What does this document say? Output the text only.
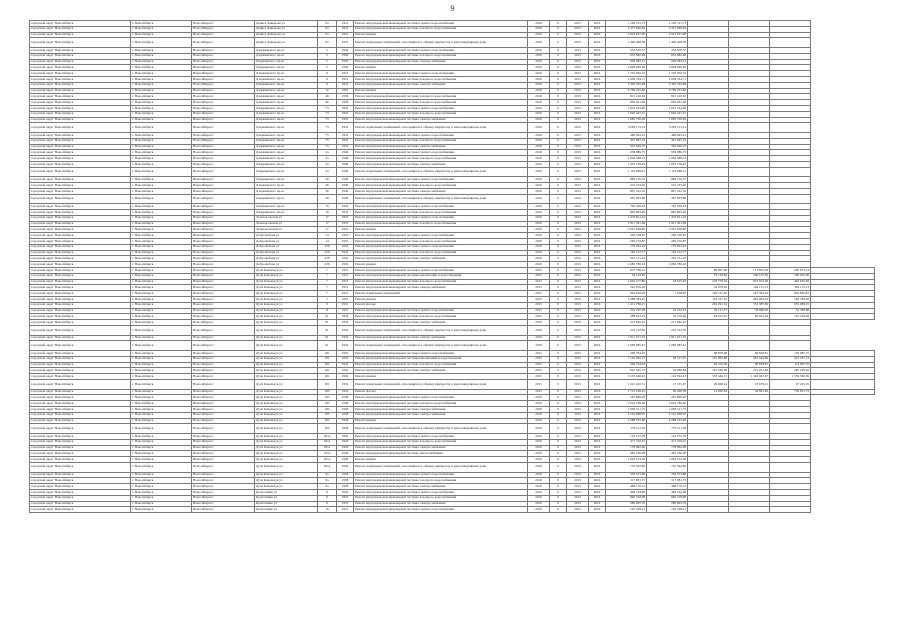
9
городской округ Новосибирск	г. Новосибирск	Новосибирск г	Дениса Давыдова ул	6а	1951	Ремонт внутридомовой инженерной системы горячего водоснабжения	2016	0	2015	2016	1 100 741,73	1 100 741,73				
городской округ Новосибирск	г. Новосибирск	Новосибирск г	Дениса Давыдова ул	6а	1951	Ремонт внутридомовой инженерной системы холодного водоснабжения	2016	0	2015	2016	2 477 669,62	2 477 669,62				
городской округ Новосибирск	г. Новосибирск	Новосибирск г	Дениса Давыдова ул	6а	1951	Ремонт крыши	2016	0	2015	2016	2 643 957,90	2 643 957,90				
городской округ Новосибирск	г. Новосибирск	Новосибирск г	Дениса Давыдова ул	6а	1951	Ремонт подвальных помещений, относящихся к общему имуществу в многоквартирном доме	2016	0	2015	2016	1 496 408,38	1 496 408,38				
городской округ Новосибирск	г. Новосибирск	Новосибирск г	Дзержинского пр-кт	5	1950	Ремонт внутридомовой инженерной системы горячего водоснабжения	2016	0	2015	2016	352 670,57	352 670,57				
городской округ Новосибирск	г. Новосибирск	Новосибирск г	Дзержинского пр-кт	5	1950	Ремонт внутридомовой инженерной системы холодного водоснабжения	2016	0	2015	2016	652 682,69	652 682,69				
городской округ Новосибирск	г. Новосибирск	Новосибирск г	Дзержинского пр-кт	5	1950	Ремонт внутридомовой инженерной системы электроснабжения	2016	0	2015	2016	909 483,13	909 483,13				
городской округ Новосибирск	г. Новосибирск	Новосибирск г	Дзержинского пр-кт	5	1950	Ремонт крыши	2016	0	2015	2016	2 828 999,29	2 828 999,29				
городской округ Новосибирск	г. Новосибирск	Новосибирск г	Дзержинского пр-кт	9	1951	Ремонт внутридомовой инженерной системы горячего водоснабжения	2016	0	2015	2016	1 705 950,52	1 705 950,52				
городской округ Новосибирск	г. Новосибирск	Новосибирск г	Дзержинского пр-кт	9	1951	Ремонт внутридомовой инженерной системы холодного водоснабжения	2016	0	2015	2016	2 958 764,71	2 958 764,71				
городской округ Новосибирск	г. Новосибирск	Новосибирск г	Дзержинского пр-кт	9	1951	Ремонт внутридомовой инженерной системы электроснабжения	2016	0	2015	2016	2 365 335,48	2 365 335,48				
городской округ Новосибирск	г. Новосибирск	Новосибирск г	Дзержинского пр-кт	12	1961	Ремонт крыши	2016	0	2015	2016	4 769 225,82	4 769 225,82				
городской округ Новосибирск	г. Новосибирск	Новосибирск г	Дзержинского пр-кт	46	1956	Ремонт внутридомовой инженерной системы холодного водоснабжения	2016	0	2015	2016	815 416,62	815 416,62				
городской округ Новосибирск	г. Новосибирск	Новосибирск г	Дзержинского пр-кт	46	1956	Ремонт внутридомовой инженерной системы холодного водоснабжения	2016	0	2015	2016	859 041,09	859 041,09				
городской округ Новосибирск	г. Новосибирск	Новосибирск г	Дзержинского пр-кт	73	1952	Ремонт внутридомовой инженерной системы горячего водоснабжения	2016	0	2015	2016	1 652 224,90	1 652 224,90				
городской округ Новосибирск	г. Новосибирск	Новосибирск г	Дзержинского пр-кт	73	1952	Ремонт внутридомовой инженерной системы холодного водоснабжения	2016	0	2015	2016	1 620 447,41	1 620 447,41				
городской округ Новосибирск	г. Новосибирск	Новосибирск г	Дзержинского пр-кт	73	1952	Ремонт внутридомовой инженерной системы электроснабжения	2016	0	2015	2016	1 082 700,49	1 082 700,49				
городской округ Новосибирск	г. Новосибирск	Новосибирск г	Дзержинского пр-кт	73	1952	Ремонт подвальных помещений, относящихся к общему имуществу в многоквартирном доме	2016	0	2015	2016	3 283 113,14	3 283 113,14				
городской округ Новосибирск	г. Новосибирск	Новосибирск г	Дзержинского пр-кт	75	1952	Ремонт внутридомовой инженерной системы горячего водоснабжения	2016	0	2015	2016	486 463,61	486 463,61				
городской округ Новосибирск	г. Новосибирск	Новосибирск г	Дзержинского пр-кт	75	1952	Ремонт внутридомовой инженерной системы холодного водоснабжения	2016	0	2015	2016	491 967,24	491 967,24				
городской округ Новосибирск	г. Новосибирск	Новосибирск г	Дзержинского пр-кт	75	1952	Ремонт внутридомовой инженерной системы электроснабжения	2016	0	2015	2016	325 626,75	325 626,75				
городской округ Новосибирск	г. Новосибирск	Новосибирск г	Дзержинского пр-кт	2а	1949	Ремонт внутридомовой инженерной системы горячего водоснабжения	2016	0	2015	2016	938 086,75	938 086,75				
городской округ Новосибирск	г. Новосибирск	Новосибирск г	Дзержинского пр-кт	2а	1949	Ремонт внутридомовой инженерной системы холодного водоснабжения	2016	0	2015	2016	1 094 588,13	1 094 588,13				
городской округ Новосибирск	г. Новосибирск	Новосибирск г	Дзержинского пр-кт	2а	1949	Ремонт внутридомовой инженерной системы электроснабжения	2016	0	2015	2016	1 033 738,43	1 033 738,43				
городской округ Новосибирск	г. Новосибирск	Новосибирск г	Дзержинского пр-кт	2а	1949	Ремонт подвальных помещений, относящихся к общему имуществу в многоквартирном доме	2016	0	2015	2016	1 116 068,21	1 116 068,21				
городской округ Новосибирск	г. Новосибирск	Новосибирск г	Дзержинского пр-кт	26	1949	Ремонт внутридомовой инженерной системы горячего водоснабжения	2016	0	2015	2016	886 156,57	886 156,57				
городской округ Новосибирск	г. Новосибирск	Новосибирск г	Дзержинского пр-кт	26	1949	Ремонт внутридомовой инженерной системы холодного водоснабжения	2016	0	2015	2016	553 233,02	553 233,02				
городской округ Новосибирск	г. Новосибирск	Новосибирск г	Дзержинского пр-кт	26	1949	Ремонт внутридомовой инженерной системы электроснабжения	2016	0	2015	2016	897 222,52	897 222,52				
городской округ Новосибирск	г. Новосибирск	Новосибирск г	Дзержинского пр-кт	26	1949	Ремонт подвальных помещений, относящихся к общему имуществу в многоквартирном доме	2016	0	2015	2016	367 093,86	367 093,86				
городской округ Новосибирск	г. Новосибирск	Новосибирск г	Дзержинского пр-кт	76	1953	Ремонт внутридомовой инженерной системы горячего водоснабжения	2016	0	2015	2016	792 509,93	792 509,93				
городской округ Новосибирск	г. Новосибирск	Новосибирск г	Дзержинского пр-кт	76	1953	Ремонт внутридомовой инженерной системы холодного водоснабжения	2016	0	2015	2016	865 893,46	865 893,46				
городской округ Новосибирск	г. Новосибирск	Новосибирск г	Зеленодольская ул	17	1955	Ремонт внутридомовой инженерной системы горячего водоснабжения	2016	0	2015	2016	1 470 811,43	1 470 811,43				
городской округ Новосибирск	г. Новосибирск	Новосибирск г	Зеленодольская ул	17	1955	Ремонт внутридомовой инженерной системы холодного водоснабжения	2016	0	2015	2016	1 811 361,69	1 811 361,69				
городской округ Новосибирск	г. Новосибирск	Новосибирск г	Зеленодольская ул	17	1955	Ремонт крыши	2016	0	2015	2016	3 591 958,80	3 591 958,80				
городской округ Новосибирск	г. Новосибирск	Новосибирск г	Добролюбова ул	14	1955	Ремонт внутридомовой инженерной системы горячего водоснабжения	2016	0	2015	2016	240 318,87	240 318,87				
городской округ Новосибирск	г. Новосибирск	Новосибирск г	Добролюбова ул	14	1955	Ремонт внутридомовой инженерной системы холодного водоснабжения	2016	0	2015	2016	249 219,87	249 219,87				
городской округ Новосибирск	г. Новосибирск	Новосибирск г	Добролюбова ул	229	1952	Ремонт внутридомовой инженерной системы горячего водоснабжения	2016	0	2015	2016	179 922,44	179 922,44				
городской округ Новосибирск	г. Новосибирск	Новосибирск г	Добролюбова ул	229	1952	Ремонт внутридомовой инженерной системы холодного водоснабжения	2016	0	2015	2016	162 512,77	162 512,77				
городской округ Новосибирск	г. Новосибирск	Новосибирск г	Добролюбова ул	229	1952	Ремонт внутридомовой инженерной системы электроснабжения	2016	0	2015	2016	322 151,43	322 151,43				
городской округ Новосибирск	г. Новосибирск	Новосибирск г	Добролюбова ул	229	1952	Ремонт крыши	2016	0	2015	2016	1 082 786,16	1 082 786,16				
городской округ Новосибирск	г. Новосибирск	Новосибирск г	Дуси Ковальчук ул	7	1951	Ремонт внутридомовой инженерной системы горячего водоснабжения	2015	0	2015	2016	673 796,01		89 697,06	173 825,09	200 073,14	
городской округ Новосибирск	г. Новосибирск	Новосибирск г	Дуси Ковальчук ул	7	1951	Ремонт внутридомовой инженерной системы канализации и водоотведения	2015	0	2015	2016	54 142,85		79 128,82	160 125,50	199 010,06	
городской округ Новосибирск	г. Новосибирск	Новосибирск г	Дуси Ковальчук ул	7	1951	Ремонт внутридомовой инженерной системы холодного водоснабжения	2015	0	2015	2016	1 665 277,86	18 615,95	104 778,56	819 923,30	402 926,56	
городской округ Новосибирск	г. Новосибирск	Новосибирск г	Дуси Ковальчук ул	7	1951	Ремонт внутридомовой инженерной системы электроснабжения	2015	0	2015	2016	542 876,02		32 678,62	194 115,13	304 115,13	
городской округ Новосибирск	г. Новосибирск	Новосибирск г	Дуси Ковальчук ул	7	1951	Ремонт подвальных помещений	2015	0	2015	2016	664 932,65	1 258,65	106 161,20	243 363,16	292 820,81	
городской округ Новосибирск	г. Новосибирск	Новосибирск г	Дуси Ковальчук ул	7	1951	Ремонт крыши	2015	0	2015	2016	1 086 784,47		119 317,55	420 964,52	546 768,20	
городской округ Новосибирск	г. Новосибирск	Новосибирск г	Дуси Ковальчук ул	9	1951	Ремонт фасада	2015	0	2015	2016	1 411 769,15		204 291,54	552 387,99	655 089,25	
городской округ Новосибирск	г. Новосибирск	Новосибирск г	Дуси Ковальчук ул	11	1951	Ремонт внутридомовой инженерной системы горячего водоснабжения	2015	0	2015	2016	219 187,28	44 252,23	45 121,57	78 968,20	51 338,88	
городской округ Новосибирск	г. Новосибирск	Новосибирск г	Дуси Ковальчук ул	61	1954	Ремонт внутридомовой инженерной системы холодного водоснабжения	2015	0	2015	2016	288 812,23	52 470,62	64 612,52	85 625,64	101 218,49	
городской округ Новосибирск	г. Новосибирск	Новосибирск г	Дуси Ковальчук ул	61	1954	Ремонт внутридомовой инженерной системы электроснабжения	2016	0	2015	2016	215 962,25	215 962,25				
городской округ Новосибирск	г. Новосибирск	Новосибирск г	Дуси Ковальчук ул	61	1954	Ремонт подвальных помещений, относящихся к общему имуществу в многоквартирном доме	2016	0	2015	2016	210 722,50	210 722,50				
городской округ Новосибирск	г. Новосибирск	Новосибирск г	Дуси Ковальчук ул	61	1954	Ремонт внутридомовой инженерной системы электроснабжения	2016	0	2015	2016	1 811 471,35	1 811 471,35				
городской округ Новосибирск	г. Новосибирск	Новосибирск г	Дуси Ковальчук ул	61	1954	Ремонт подвальных помещений, относящихся к общему имуществу в многоквартирном доме	2016	0	2015	2016	1 060 685,81	1 060 685,81				
городской округ Новосибирск	г. Новосибирск	Новосибирск г	Дуси Ковальчук ул	181	1952	Ремонт внутридомовой инженерной системы горячего водоснабжения	2015	0	2015	2016	269 764,03		68 876,08	99 828,81	130 085,75	
городской округ Новосибирск	г. Новосибирск	Новосибирск г	Дуси Ковальчук ул	181	1952	Ремонт внутридомовой инженерной системы канализации и водоотведения	2015	0	2015	2016	1 161 402,27	28 517,45	161 095,98	461 444,80	421 237,13	
городской округ Новосибирск	г. Новосибирск	Новосибирск г	Дуси Ковальчук ул	181	1952	Ремонт внутридомовой инженерной системы холодного водоснабжения	2015	0	2015	2016	269 764,03		95 470,09	99 828,81	114 095,76	
городской округ Новосибирск	г. Новосибирск	Новосибирск г	Дуси Ковальчук ул	181	1952	Ремонт внутридомовой инженерной системы электроснабжения	2015	0	2015	2016	661 565,72	24 949,84	161 430,96	214 261,66	285 226,62	
городской округ Новосибирск	г. Новосибирск	Новосибирск г	Дуси Ковальчук ул	181	1952	Ремонт крыши	2015	0	2015	2016	3 167 440,43	122 394,23	578 446,71	1 326 047,67	1 539 599,39	
городской округ Новосибирск	г. Новосибирск	Новосибирск г	Дуси Ковальчук ул	181	1952	Ремонт подвальных помещений, относящихся к общему имуществу в многоквартирном доме	2015	0	2015	2016	1 221 422,51	17 725,67	29 666,24	47 678,21	67 425,35	
городской округ Новосибирск	г. Новосибирск	Новосибирск г	Дуси Ковальчук ул	183	1952	Ремонт фасада	2015	0	2015	2016	1 712 169,91	82 260,59	14 830,84	34 891,62	759 051,73	
городской округ Новосибирск	г. Новосибирск	Новосибирск г	Дуси Ковальчук ул	185	1958	Ремонт внутридомовой инженерной системы горячего водоснабжения	2016	0	2015	2016	245 899,02	245 899,02				
городской округ Новосибирск	г. Новосибирск	Новосибирск г	Дуси Ковальчук ул	185	1958	Ремонт внутридомовой инженерной системы холодного водоснабжения	2016	0	2015	2016	2 024 786,40	2 024 786,40				
городской округ Новосибирск	г. Новосибирск	Новосибирск г	Дуси Ковальчук ул	185	1958	Ремонт внутридомовой инженерной системы электроснабжения	2016	0	2015	2016	1 666 511,75	1 666 511,75				
городской округ Новосибирск	г. Новосибирск	Новосибирск г	Дуси Ковальчук ул	185	1958	Ремонт внутридомовой инженерной системы электроснабжения	2016	0	2015	2016	2 142 908,97	2 142 908,97				
городской округ Новосибирск	г. Новосибирск	Новосибирск г	Дуси Ковальчук ул	185	1958	Ремонт крыши	2016	0	2015	2016	4 288 225,66	4 288 225,66				
городской округ Новосибирск	г. Новосибирск	Новосибирск г	Дуси Ковальчук ул	185	1958	Ремонт подвальных помещений, относящихся к общему имуществу в многоквартирном доме	2016	0	2015	2016	779 511,59	779 511,59				
городской округ Новосибирск	г. Новосибирск	Новосибирск г	Дуси Ковальчук ул	181а	1929	Ремонт внутридомовой инженерной системы горячего водоснабжения	2016	0	2015	2016	124 572,78	124 572,78				
городской округ Новосибирск	г. Новосибирск	Новосибирск г	Дуси Ковальчук ул	181а	1929	Ремонт внутридомовой инженерной системы холодного водоснабжения	2016	0	2015	2016	471 316,01	471 316,01				
городской округ Новосибирск	г. Новосибирск	Новосибирск г	Дуси Ковальчук ул	181а	1929	Ремонт внутридомовой инженерной системы электроснабжения	2016	0	2015	2016	178 962,00	178 962,00				
городской округ Новосибирск	г. Новосибирск	Новосибирск г	Дуси Ковальчук ул	181а	1929	Ремонт внутридомовой инженерной системы теплоснабжения	2016	0	2015	2016	485 230,38	485 230,38				
городской округ Новосибирск	г. Новосибирск	Новосибирск г	Дуси Ковальчук ул	181а	1929	Ремонт крыши	2016	0	2015	2016	1 943 514,50	1 943 514,50				
городской округ Новосибирск	г. Новосибирск	Новосибирск г	Дуси Ковальчук ул	181а	1929	Ремонт подвальных помещений, относящихся к общему имуществу в многоквартирном доме	2016	0	2015	2016	755 502,85	755 502,85				
городской округ Новосибирск	г. Новосибирск	Новосибирск г	Дуси Ковальчук ул	6а	1958	Ремонт внутридомовой инженерной системы горячего водоснабжения	2016	0	2015	2016	336 373,80	336 373,80				
городской округ Новосибирск	г. Новосибирск	Новосибирск г	Дуси Ковальчук ул	6а	1958	Ремонт внутридомовой инженерной системы холодного водоснабжения	2016	0	2015	2016	317 981,75	317 981,75				
городской округ Новосибирск	г. Новосибирск	Новосибирск г	Дуси Ковальчук ул	6а	1958	Ремонт внутридомовой инженерной системы электроснабжения	2016	0	2015	2016	468 176,12	468 176,12				
городской округ Новосибирск	г. Новосибирск	Новосибирск г	Кропоткина ул	6	1955	Ремонт внутридомовой инженерной системы горячего водоснабжения	2016	0	2015	2016	499 164,98	499 164,98				
городской округ Новосибирск	г. Новосибирск	Новосибирск г	Кропоткина ул	6	1955	Ремонт внутридомовой инженерной системы холодного водоснабжения	2016	0	2015	2016	840 318,98	840 318,98				
городской округ Новосибирск	г. Новосибирск	Новосибирск г	Кропоткина ул	6	1955	Ремонт внутридомовой инженерной системы электроснабжения	2016	0	2015	2016	280 605,76	280 605,76				
городской округ Новосибирск	г. Новосибирск	Новосибирск г	Кропоткина ул	16	1951	Ремонт внутридомовой инженерной системы горячего водоснабжения	2016	0	2015	2016	195 428,21	195 428,21				
